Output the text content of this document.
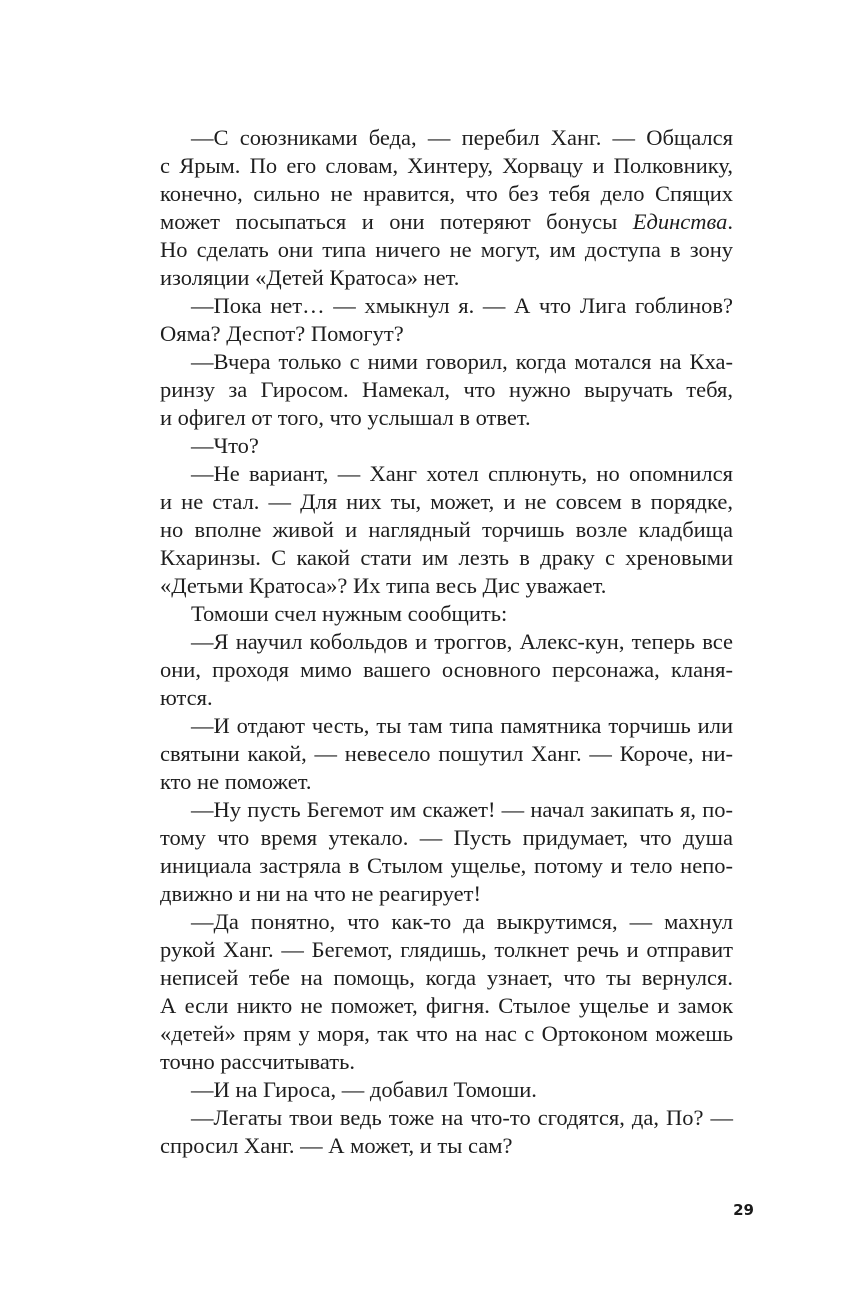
—С союзниками беда, — перебил Ханг. — Общался
с Ярым. По его словам, Хинтеру, Хорвацу и Полковнику,
конечно, сильно не нравится, что без тебя дело Спящих
может посыпаться и они потеряют бонусы Единства.
Но сделать они типа ничего не могут, им доступа в зону
изоляции «Детей Кратоса» нет.
—Пока нет… — хмыкнул я. — А что Лига гоблинов?
Ояма? Деспот? Помогут?
—Вчера только с ними говорил, когда мотался на Кха-
ринзу за Гиросом. Намекал, что нужно выручать тебя,
и офигел от того, что услышал в ответ.
—Что?
—Не вариант, — Ханг хотел сплюнуть, но опомнился
и не стал. — Для них ты, может, и не совсем в порядке,
но вполне живой и наглядный торчишь возле кладбища
Кхаринзы. С какой стати им лезть в драку с хреновыми
«Детьми Кратоса»? Их типа весь Дис уважает.
Томоши счел нужным сообщить:
—Я научил кобольдов и троггов, Алекс-кун, теперь все
они, проходя мимо вашего основного персонажа, кланя-
ются.
—И отдают честь, ты там типа памятника торчишь или
святыни какой, — невесело пошутил Ханг. — Короче, ни-
кто не поможет.
—Ну пусть Бегемот им скажет! — начал закипать я, по-
тому что время утекало. — Пусть придумает, что душа
инициала застряла в Стылом ущелье, потому и тело непо-
движно и ни на что не реагирует!
—Да понятно, что как-то да выкрутимся, — махнул
рукой Ханг. — Бегемот, глядишь, толкнет речь и отправит
неписей тебе на помощь, когда узнает, что ты вернулся.
А если никто не поможет, фигня. Стылое ущелье и замок
«детей» прям у моря, так что на нас с Ортоконом можешь
точно рассчитывать.
—И на Гироса, — добавил Томоши.
—Легаты твои ведь тоже на что-то сгодятся, да, По? —
спросил Ханг. — А может, и ты сам?
29
